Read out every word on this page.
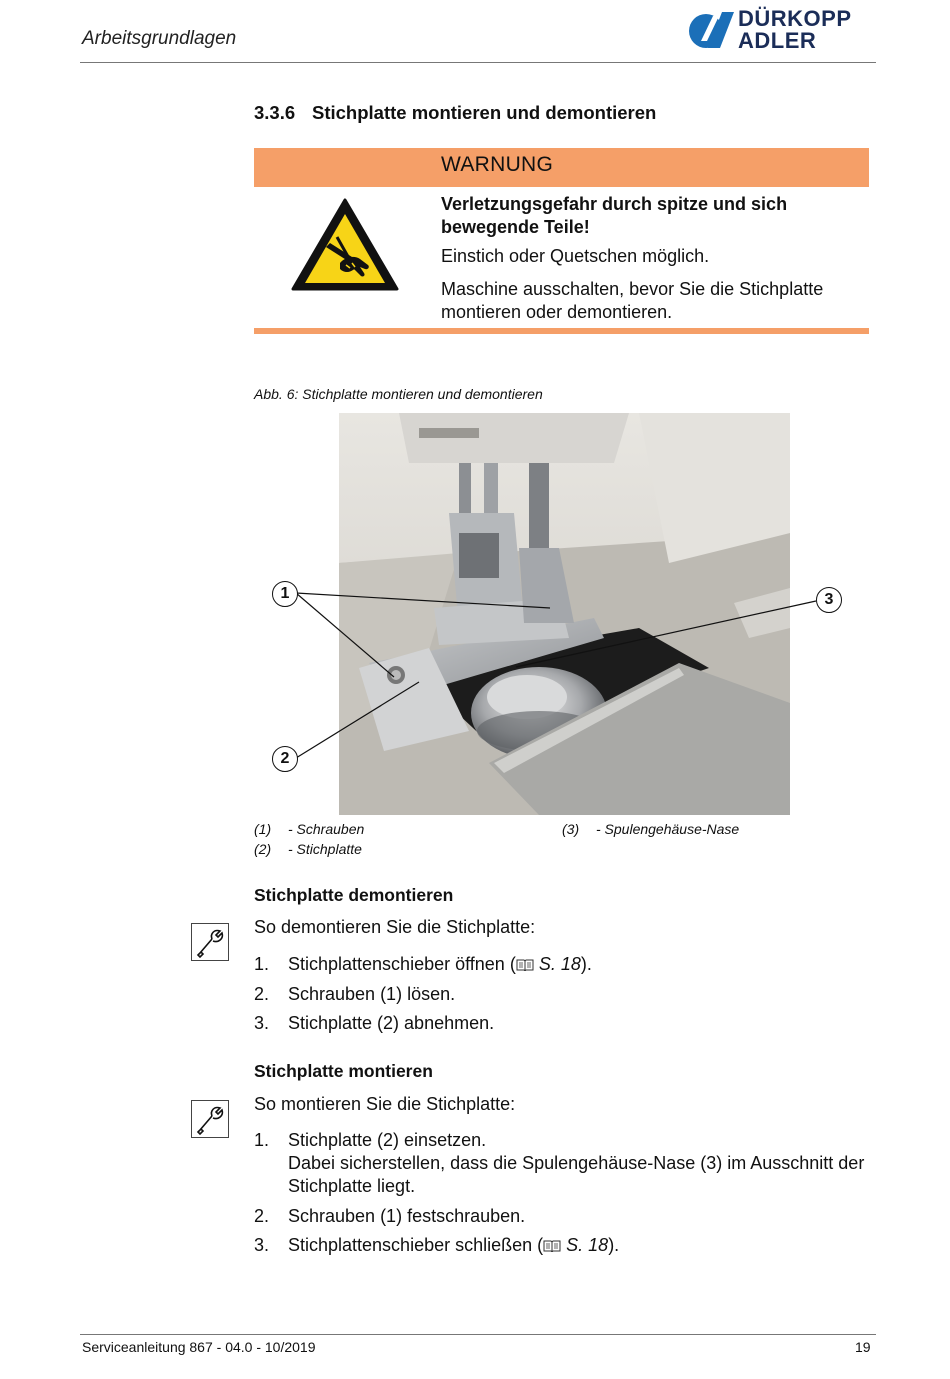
Arbeitsgrundlagen
DÜRKOPP
ADLER
3.3.6 Stichplatte montieren und demontieren
WARNUNG
Verletzungsgefahr durch spitze und sich bewegende Teile!
Einstich oder Quetschen möglich.
Maschine ausschalten, bevor Sie die Stichplatte montieren oder demontieren.
Abb. 6: Stichplatte montieren und demontieren
1
2
3
(1) - Schrauben
(2) - Stichplatte
(3) - Spulengehäuse-Nase
Stichplatte demontieren
So demontieren Sie die Stichplatte:
1. Stichplattenschieber öffnen ( S. 18).
2. Schrauben (1) lösen.
3. Stichplatte (2) abnehmen.
Stichplatte montieren
So montieren Sie die Stichplatte:
1. Stichplatte (2) einsetzen.
Dabei sicherstellen, dass die Spulengehäuse-Nase (3) im Ausschnitt der Stichplatte liegt.
2. Schrauben (1) festschrauben.
3. Stichplattenschieber schließen ( S. 18).
Serviceanleitung 867 - 04.0 - 10/2019	19
